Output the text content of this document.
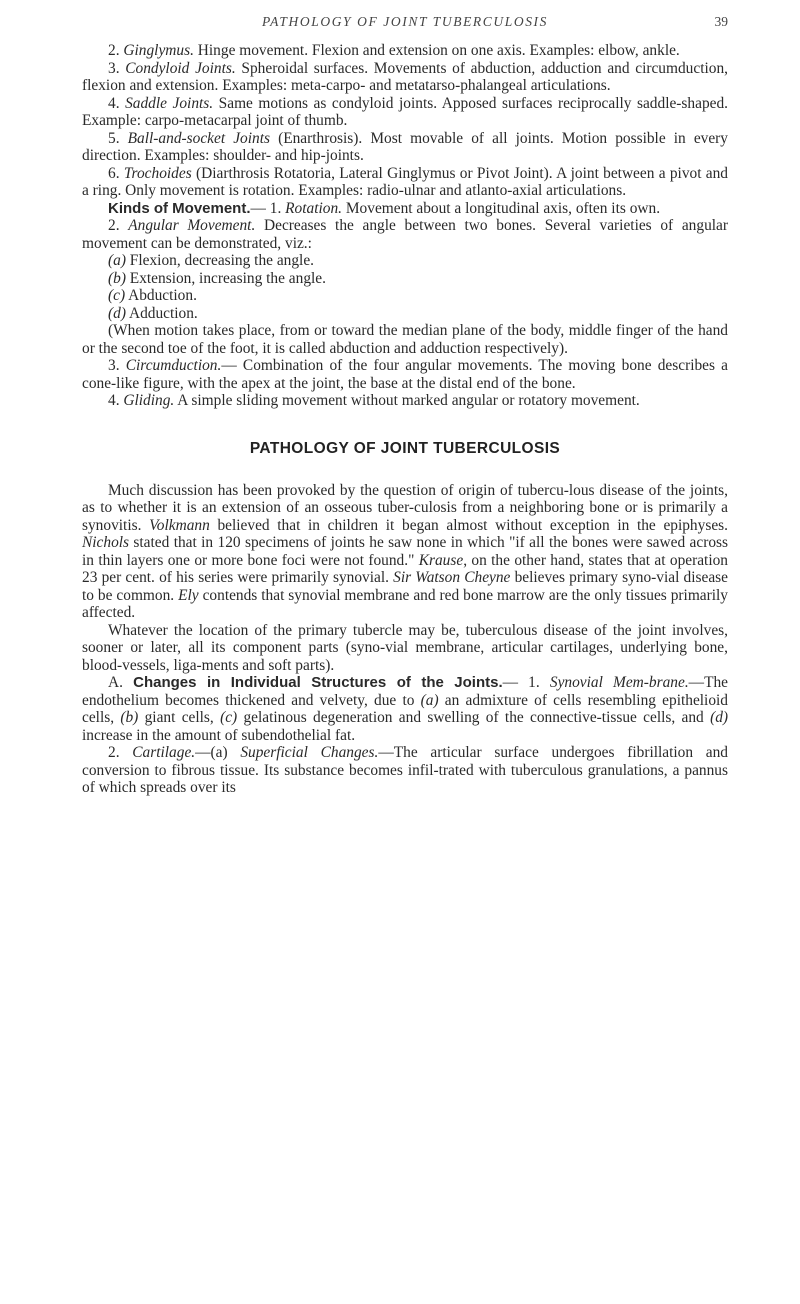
PATHOLOGY OF JOINT TUBERCULOSIS	39

2. Ginglymus. Hinge movement. Flexion and extension on one axis. Examples: elbow, ankle.

3. Condyloid Joints. Spheroidal surfaces. Movements of abduction, adduction and circumduction, flexion and extension. Examples: meta-carpo- and metatarso-phalangeal articulations.

4. Saddle Joints. Same motions as condyloid joints. Apposed surfaces reciprocally saddle-shaped. Example: carpo-metacarpal joint of thumb.

5. Ball-and-socket Joints (Enarthrosis). Most movable of all joints. Motion possible in every direction. Examples: shoulder- and hip-joints.

6. Trochoides (Diarthrosis Rotatoria, Lateral Ginglymus or Pivot Joint). A joint between a pivot and a ring. Only movement is rotation. Examples: radio-ulnar and atlanto-axial articulations.

Kinds of Movement.— 1. Rotation. Movement about a longitudinal axis, often its own.

2. Angular Movement. Decreases the angle between two bones. Several varieties of angular movement can be demonstrated, viz.:

(a) Flexion, decreasing the angle.

(b) Extension, increasing the angle.

(c) Abduction.

(d) Adduction.

(When motion takes place, from or toward the median plane of the body, middle finger of the hand or the second toe of the foot, it is called abduction and adduction respectively).

3. Circumduction.— Combination of the four angular movements. The moving bone describes a cone-like figure, with the apex at the joint, the base at the distal end of the bone.

4. Gliding. A simple sliding movement without marked angular or rotatory movement.

PATHOLOGY OF JOINT TUBERCULOSIS

Much discussion has been provoked by the question of origin of tubercu-lous disease of the joints, as to whether it is an extension of an osseous tuber-culosis from a neighboring bone or is primarily a synovitis. Volkmann believed that in children it began almost without exception in the epiphyses. Nichols stated that in 120 specimens of joints he saw none in which "if all the bones were sawed across in thin layers one or more bone foci were not found." Krause, on the other hand, states that at operation 23 per cent. of his series were primarily synovial. Sir Watson Cheyne believes primary syno-vial disease to be common. Ely contends that synovial membrane and red bone marrow are the only tissues primarily affected.

Whatever the location of the primary tubercle may be, tuberculous disease of the joint involves, sooner or later, all its component parts (syno-vial membrane, articular cartilages, underlying bone, blood-vessels, liga-ments and soft parts).

A. Changes in Individual Structures of the Joints.— 1. Synovial Mem-brane.—The endothelium becomes thickened and velvety, due to (a) an admixture of cells resembling epithelioid cells, (b) giant cells, (c) gelatinous degeneration and swelling of the connective-tissue cells, and (d) increase in the amount of subendothelial fat.

2. Cartilage.—(a) Superficial Changes.—The articular surface undergoes fibrillation and conversion to fibrous tissue. Its substance becomes infil-trated with tuberculous granulations, a pannus of which spreads over its
